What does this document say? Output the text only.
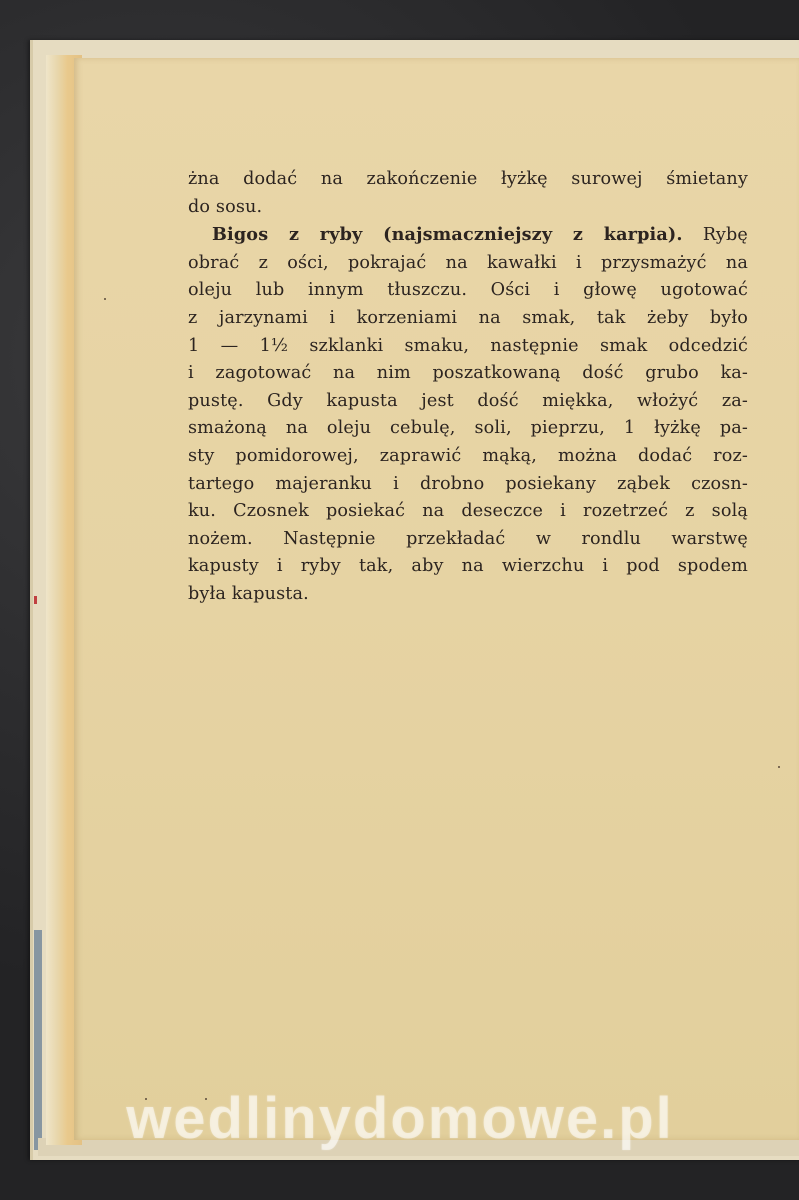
żna dodać na zakończenie łyżkę surowej śmietany
do sosu.
Bigos z ryby (najsmaczniejszy z karpia). Rybę
obrać z ości, pokrajać na kawałki i przysmażyć na
oleju lub innym tłuszczu. Ości i głowę ugotować
z jarzynami i korzeniami na smak, tak żeby było
1 — 1½ szklanki smaku, następnie smak odcedzić
i zagotować na nim poszatkowaną dość grubo ka-
pustę. Gdy kapusta jest dość miękka, włożyć za-
smażoną na oleju cebulę, soli, pieprzu, 1 łyżkę pa-
sty pomidorowej, zaprawić mąką, można dodać roz-
tartego majeranku i drobno posiekany ząbek czosn-
ku. Czosnek posiekać na deseczce i rozetrzeć z solą
nożem. Następnie przekładać w rondlu warstwę
kapusty i ryby tak, aby na wierzchu i pod spodem
była kapusta.
wedlinydomowe.pl
